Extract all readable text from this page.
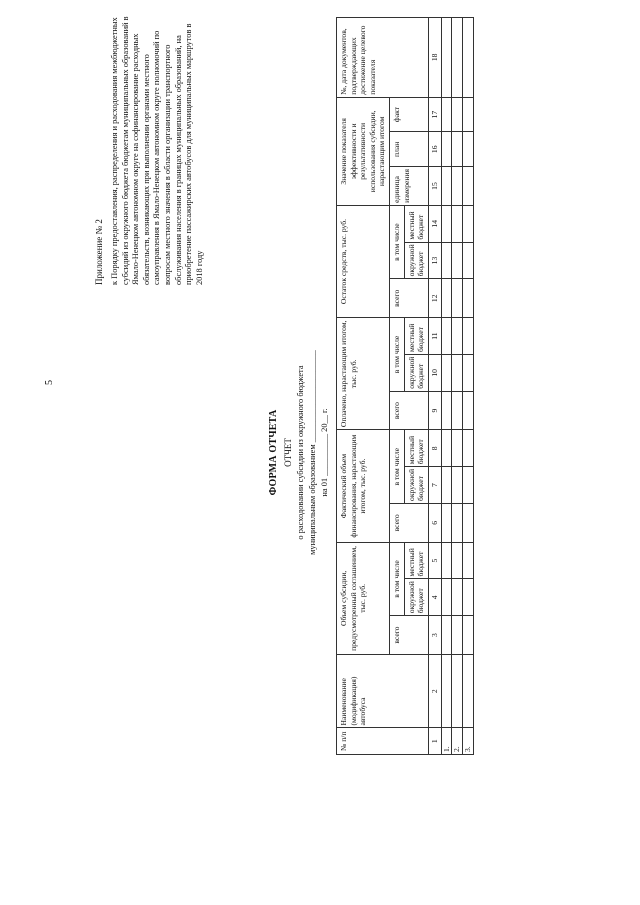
5
Приложение № 2 к Порядку предоставления, распределения и расходования межбюджетных субсидий из окружного бюджета бюджетам муниципальных образований в Ямало-Ненецком автономном округе на софинансирование расходных обязательств, возникающих при выполнении органами местного самоуправления в Ямало-Ненецком автономном округе полномочий по вопросам местного значения в области организации транспортного обслуживания населения в границах муниципальных образований, на приобретение пассажирских автобусов для муниципальных маршрутов в 2018 году
ФОРМА ОТЧЕТА ОТЧЕТ о расходовании субсидии из окружного бюджета муниципальным образованием ______________________ на 01 __________ 20__ г.
№ п/п	Наименование (модификация) автобуса	Объем субсидии, предусмотренный соглашением, тыс. руб.			Фактический объем финансирования, нарастающим итогом, тыс. руб.			Оплачено, нарастающим итогом, тыс. руб.			Остаток средств, тыс. руб.			Значение показателя эффективности и результативности использования субсидии, нарастающим итогом			№, дата документов, подтверждающих достижение целевого показателя
		всего	в том числе		всего	в том числе		всего	в том числе		всего	в том числе		единица измерения	план	факт	
			окружной бюджет	местный бюджет		окружной бюджет	местный бюджет		окружной бюджет	местный бюджет		окружной бюджет	местный бюджет				
1	2	3	4	5	6	7	8	9	10	11	12	13	14	15	16	17	18
1.																	
2.																	
3.																	
